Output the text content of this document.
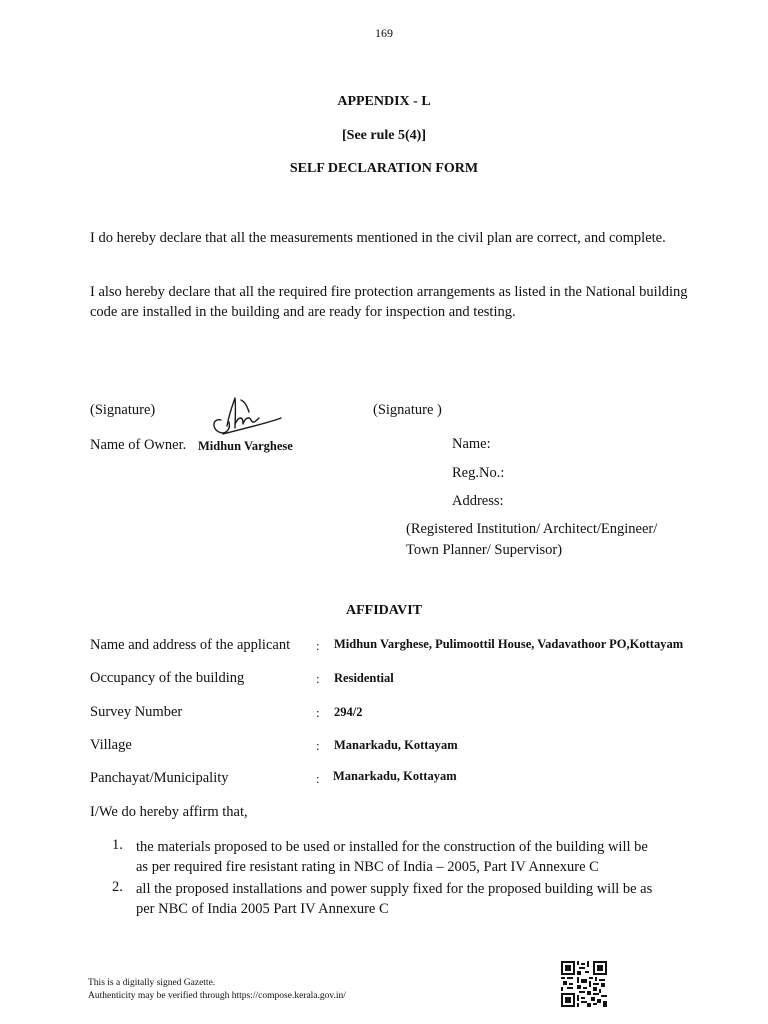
169
APPENDIX - L
[See rule 5(4)]
SELF DECLARATION FORM
I do hereby declare that all the measurements mentioned in the civil plan are correct, and complete.
I also hereby declare that all the required fire protection arrangements as listed in the National building code are installed in the building and are ready for inspection and testing.
(Signature)
Name of Owner. Midhun Varghese
(Signature )
Name:
Reg.No.:
Address:
(Registered Institution/ Architect/Engineer/
Town Planner/ Supervisor)
AFFIDAVIT
Name and address of the applicant : Midhun Varghese, Pulimoottil House, Vadavathoor PO,Kottayam
Occupancy of the building	: Residential
Survey Number	: 294/2
Village	: Manarkadu, Kottayam
Panchayat/Municipality	: Manarkadu, Kottayam
I/We do hereby affirm that,
1. the materials proposed to be used or installed for the construction of the building will be
as per required fire resistant rating in NBC of India – 2005, Part IV Annexure C
2. all the proposed installations and power supply fixed for the proposed building will be as
per NBC of India 2005 Part IV Annexure C
This is a digitally signed Gazette.
Authenticity may be verified through https://compose.kerala.gov.in/
